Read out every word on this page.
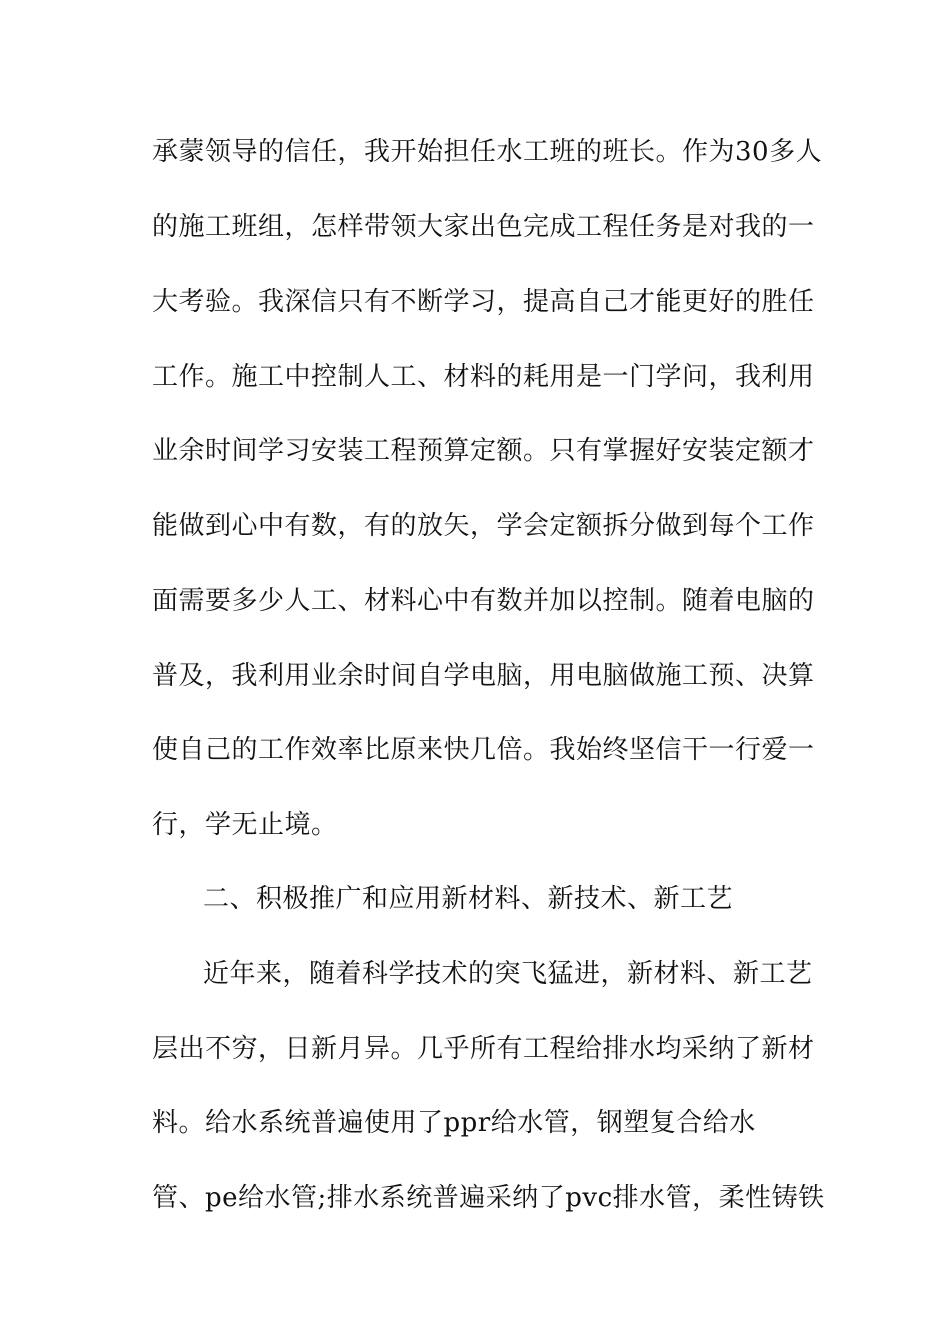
承蒙领导的信任，我开始担任水工班的班长。作为30多人
的施工班组，怎样带领大家出色完成工程任务是对我的一
大考验。我深信只有不断学习，提高自己才能更好的胜任
工作。施工中控制人工、材料的耗用是一门学问，我利用
业余时间学习安装工程预算定额。只有掌握好安装定额才
能做到心中有数，有的放矢，学会定额拆分做到每个工作
面需要多少人工、材料心中有数并加以控制。随着电脑的
普及，我利用业余时间自学电脑，用电脑做施工预、决算
使自己的工作效率比原来快几倍。我始终坚信干一行爱一
行，学无止境。
二、积极推广和应用新材料、新技术、新工艺
近年来，随着科学技术的突飞猛进，新材料、新工艺
层出不穷，日新月异。几乎所有工程给排水均采纳了新材
料。给水系统普遍使用了ppr给水管，钢塑复合给水
管、pe给水管;排水系统普遍采纳了pvc排水管，柔性铸铁
